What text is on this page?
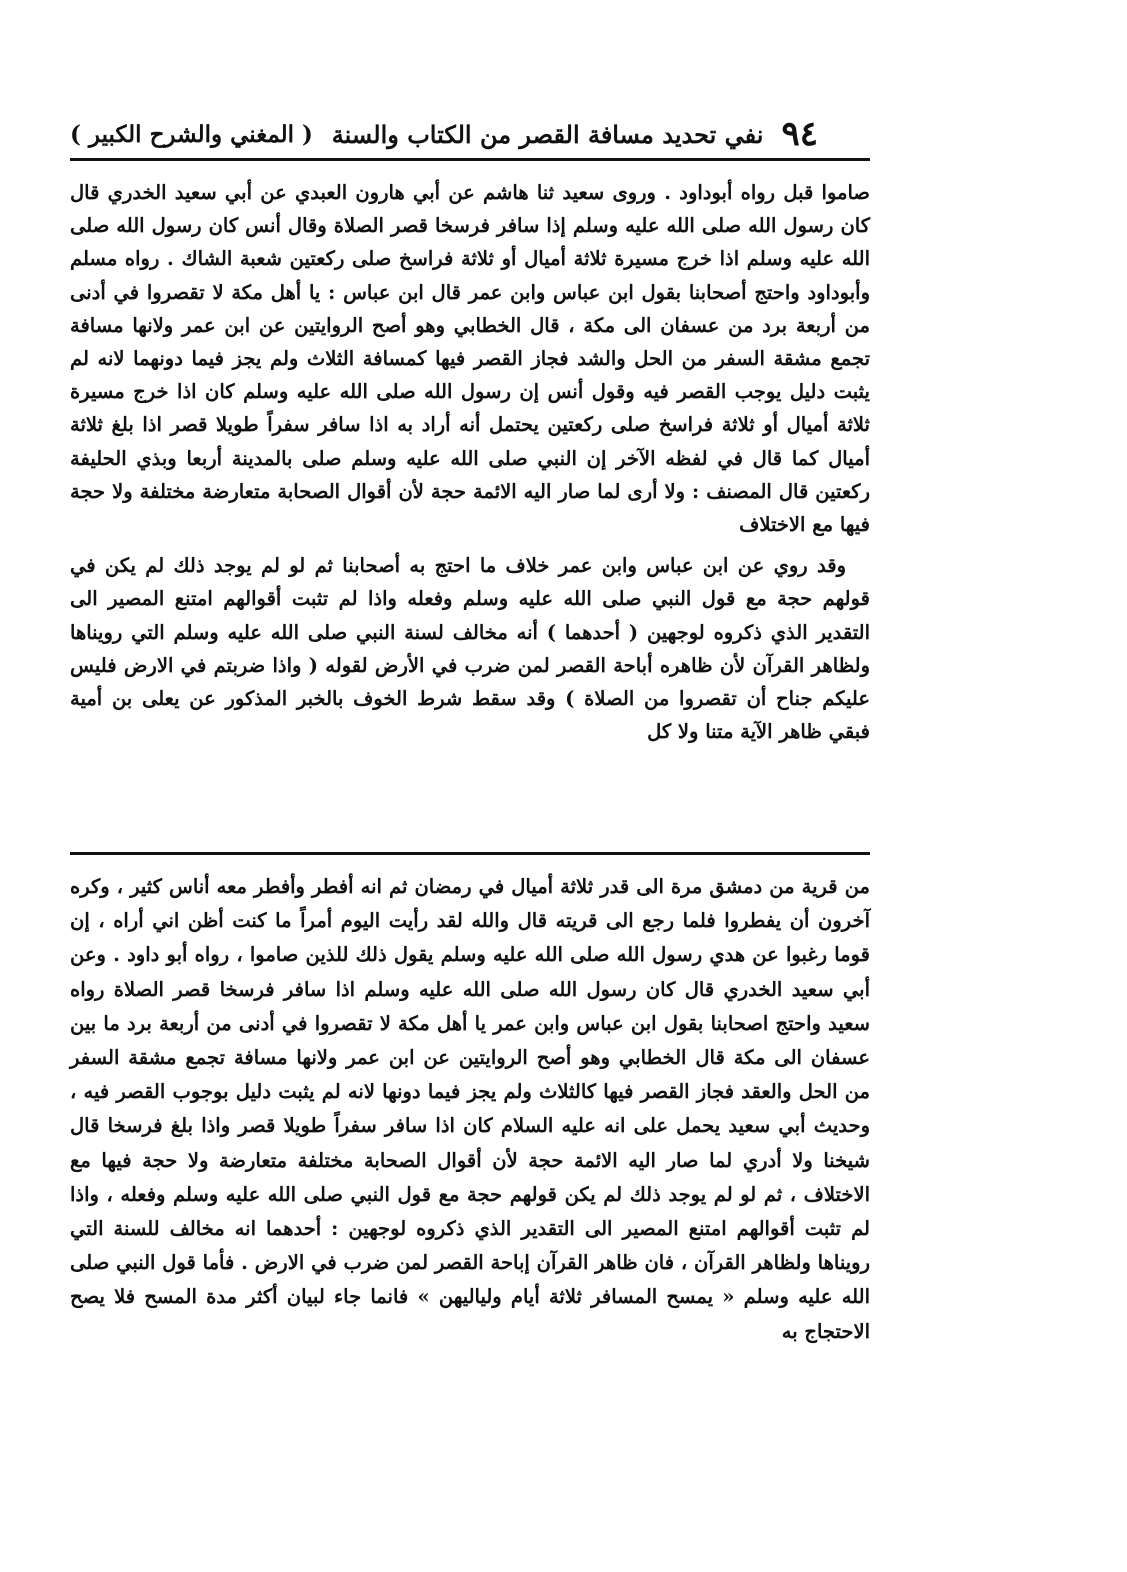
٩٤
نفي تحديد مسافة القصر من الكتاب والسنة
( المغني والشرح الكبير )

صاموا قبل رواه أبوداود . وروى سعيد ثنا هاشم عن أبي هارون العبدي عن أبي سعيد الخدري قال كان رسول الله صلى الله عليه وسلم إذا سافر فرسخا قصر الصلاة وقال أنس كان رسول الله صلى الله عليه وسلم اذا خرج مسيرة ثلاثة أميال أو ثلاثة فراسخ صلى ركعتين شعبة الشاك . رواه مسلم وأبوداود واحتج أصحابنا بقول ابن عباس وابن عمر قال ابن عباس : يا أهل مكة لا تقصروا في أدنى من أربعة برد من عسفان الى مكة ، قال الخطابي وهو أصح الروايتين عن ابن عمر ولانها مسافة تجمع مشقة السفر من الحل والشد فجاز القصر فيها كمسافة الثلاث ولم يجز فيما دونهما لانه لم يثبت دليل يوجب القصر فيه وقول أنس إن رسول الله صلى الله عليه وسلم كان اذا خرج مسيرة ثلاثة أميال أو ثلاثة فراسخ صلى ركعتين يحتمل أنه أراد به اذا سافر سفراً طويلا قصر اذا بلغ ثلاثة أميال كما قال في لفظه الآخر إن النبي صلى الله عليه وسلم صلى بالمدينة أربعا وبذي الحليفة ركعتين قال المصنف : ولا أرى لما صار اليه الائمة حجة لأن أقوال الصحابة متعارضة مختلفة ولا حجة فيها مع الاختلاف

وقد روي عن ابن عباس وابن عمر خلاف ما احتج به أصحابنا ثم لو لم يوجد ذلك لم يكن في قولهم حجة مع قول النبي صلى الله عليه وسلم وفعله واذا لم تثبت أقوالهم امتنع المصير الى التقدير الذي ذكروه لوجهين ( أحدهما ) أنه مخالف لسنة النبي صلى الله عليه وسلم التي رويناها ولظاهر القرآن لأن ظاهره أباحة القصر لمن ضرب في الأرض لقوله ( واذا ضربتم في الارض فليس عليكم جناح أن تقصروا من الصلاة ) وقد سقط شرط الخوف بالخبر المذكور عن يعلى بن أمية فبقي ظاهر الآية متنا ولا كل

من قرية من دمشق مرة الى قدر ثلاثة أميال في رمضان ثم انه أفطر وأفطر معه أناس كثير ، وكره آخرون أن يفطروا فلما رجع الى قريته قال والله لقد رأيت اليوم أمراً ما كنت أظن اني أراه ، إن قوما رغبوا عن هدي رسول الله صلى الله عليه وسلم يقول ذلك للذين صاموا ، رواه أبو داود . وعن أبي سعيد الخدري قال كان رسول الله صلى الله عليه وسلم اذا سافر فرسخا قصر الصلاة رواه سعيد واحتج اصحابنا بقول ابن عباس وابن عمر يا أهل مكة لا تقصروا في أدنى من أربعة برد ما بين عسفان الى مكة قال الخطابي وهو أصح الروايتين عن ابن عمر ولانها مسافة تجمع مشقة السفر من الحل والعقد فجاز القصر فيها كالثلاث ولم يجز فيما دونها لانه لم يثبت دليل بوجوب القصر فيه ، وحديث أبي سعيد يحمل على انه عليه السلام كان اذا سافر سفراً طويلا قصر واذا بلغ فرسخا قال شيخنا ولا أدري لما صار اليه الائمة حجة لأن أقوال الصحابة مختلفة متعارضة ولا حجة فيها مع الاختلاف ، ثم لو لم يوجد ذلك لم يكن قولهم حجة مع قول النبي صلى الله عليه وسلم وفعله ، واذا لم تثبت أقوالهم امتنع المصير الى التقدير الذي ذكروه لوجهين : أحدهما انه مخالف للسنة التي رويناها ولظاهر القرآن ، فان ظاهر القرآن إباحة القصر لمن ضرب في الارض . فأما قول النبي صلى الله عليه وسلم « يمسح المسافر ثلاثة أيام ولياليهن » فانما جاء لبيان أكثر مدة المسح فلا يصح الاحتجاج به
